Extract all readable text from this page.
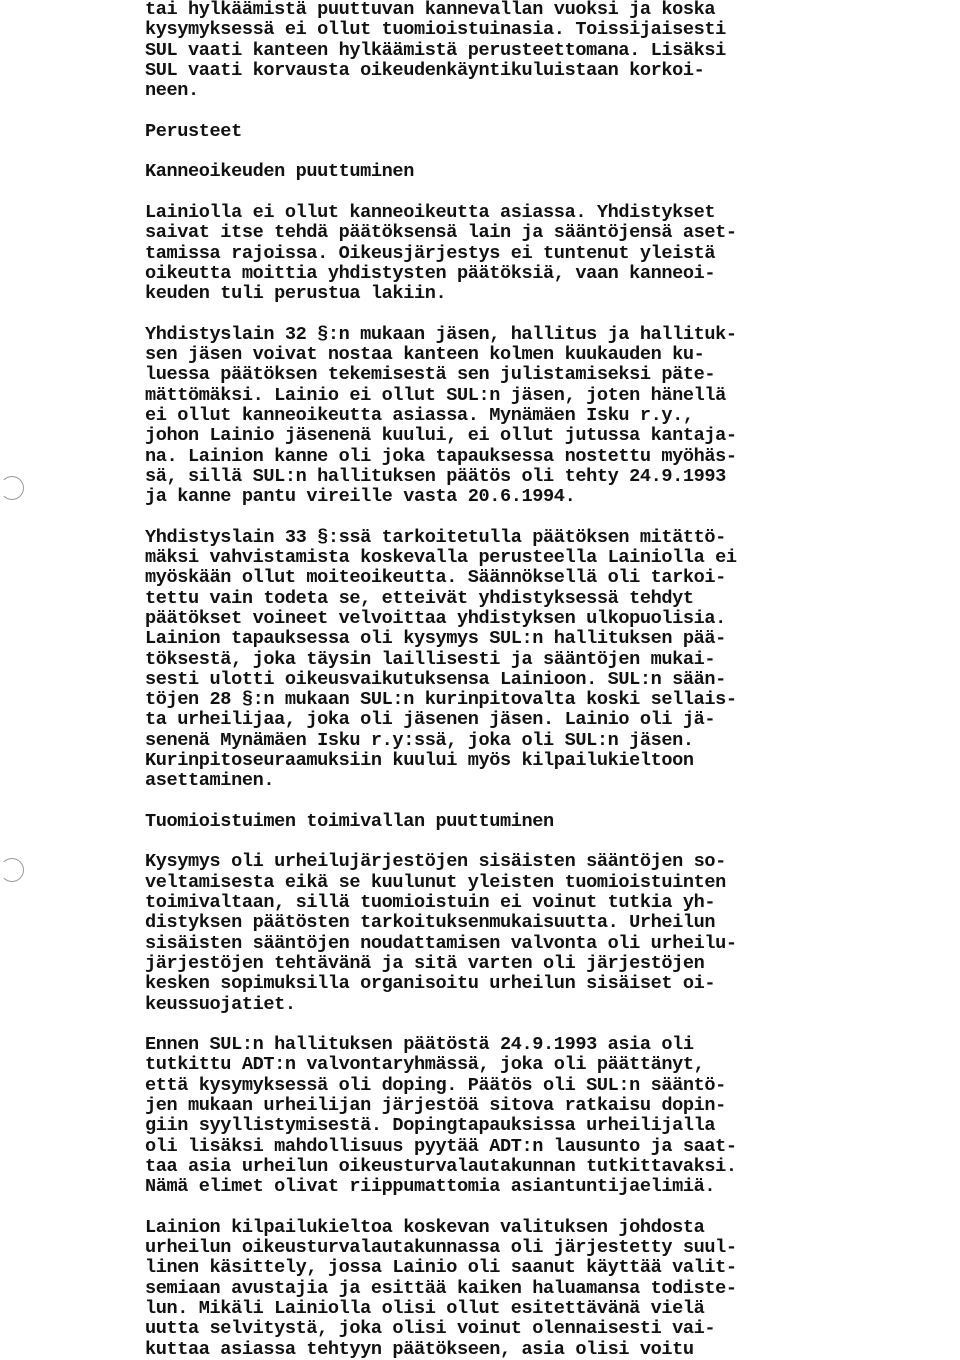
tai hylkäämistä puuttuvan kannevallan vuoksi ja koska
kysymyksessä ei ollut tuomioistuinasia. Toissijaisesti
SUL vaati kanteen hylkäämistä perusteettomana. Lisäksi
SUL vaati korvausta oikeudenkäyntikuluistaan korkoi-
neen.
Perusteet
Kanneoikeuden puuttuminen
Lainiolla ei ollut kanneoikeutta asiassa. Yhdistykset
saivat itse tehdä päätöksensä lain ja sääntöjensä aset-
tamissa rajoissa. Oikeusjärjestys ei tuntenut yleistä
oikeutta moittia yhdistysten päätöksiä, vaan kanneoi-
keuden tuli perustua lakiin.
Yhdistyslain 32 §:n mukaan jäsen, hallitus ja hallituk-
sen jäsen voivat nostaa kanteen kolmen kuukauden ku-
luessa päätöksen tekemisestä sen julistamiseksi päte-
mättömäksi. Lainio ei ollut SUL:n jäsen, joten hänellä
ei ollut kanneoikeutta asiassa. Mynämäen Isku r.y.,
johon Lainio jäsenenä kuului, ei ollut jutussa kantaja-
na. Lainion kanne oli joka tapauksessa nostettu myöhäs-
sä, sillä SUL:n hallituksen päätös oli tehty 24.9.1993
ja kanne pantu vireille vasta 20.6.1994.
Yhdistyslain 33 §:ssä tarkoitetulla päätöksen mitättö-
mäksi vahvistamista koskevalla perusteella Lainiolla ei
myöskään ollut moiteoikeutta. Säännöksellä oli tarkoi-
tettu vain todeta se, etteivät yhdistyksessä tehdyt
päätökset voineet velvoittaa yhdistyksen ulkopuolisia.
Lainion tapauksessa oli kysymys SUL:n hallituksen pää-
töksestä, joka täysin laillisesti ja sääntöjen mukai-
sesti ulotti oikeusvaikutuksensa Lainioon. SUL:n sään-
töjen 28 §:n mukaan SUL:n kurinpitovalta koski sellais-
ta urheilijaa, joka oli jäsenen jäsen. Lainio oli jä-
senenä Mynämäen Isku r.y:ssä, joka oli SUL:n jäsen.
Kurinpitoseuraamuksiin kuului myös kilpailukieltoon
asettaminen.
Tuomioistuimen toimivallan puuttuminen
Kysymys oli urheilujärjestöjen sisäisten sääntöjen so-
veltamisesta eikä se kuulunut yleisten tuomioistuinten
toimivaltaan, sillä tuomioistuin ei voinut tutkia yh-
distyksen päätösten tarkoituksenmukaisuutta. Urheilun
sisäisten sääntöjen noudattamisen valvonta oli urheilu-
järjestöjen tehtävänä ja sitä varten oli järjestöjen
kesken sopimuksilla organisoitu urheilun sisäiset oi-
keussuojatiet.
Ennen SUL:n hallituksen päätöstä 24.9.1993 asia oli
tutkittu ADT:n valvontaryhmässä, joka oli päättänyt,
että kysymyksessä oli doping. Päätös oli SUL:n sääntö-
jen mukaan urheilijan järjestöä sitova ratkaisu dopin-
giin syyllistymisestä. Dopingtapauksissa urheilijalla
oli lisäksi mahdollisuus pyytää ADT:n lausunto ja saat-
taa asia urheilun oikeusturvalautakunnan tutkittavaksi.
Nämä elimet olivat riippumattomia asiantuntijaelimiä.
Lainion kilpailukieltoa koskevan valituksen johdosta
urheilun oikeusturvalautakunnassa oli järjestetty suul-
linen käsittely, jossa Lainio oli saanut käyttää valit-
semiaan avustajia ja esittää kaiken haluamansa todiste-
lun. Mikäli Lainiolla olisi ollut esitettävänä vielä
uutta selvitystä, joka olisi voinut olennaisesti vai-
kuttaa asiassa tehtyyn päätökseen, asia olisi voitu
